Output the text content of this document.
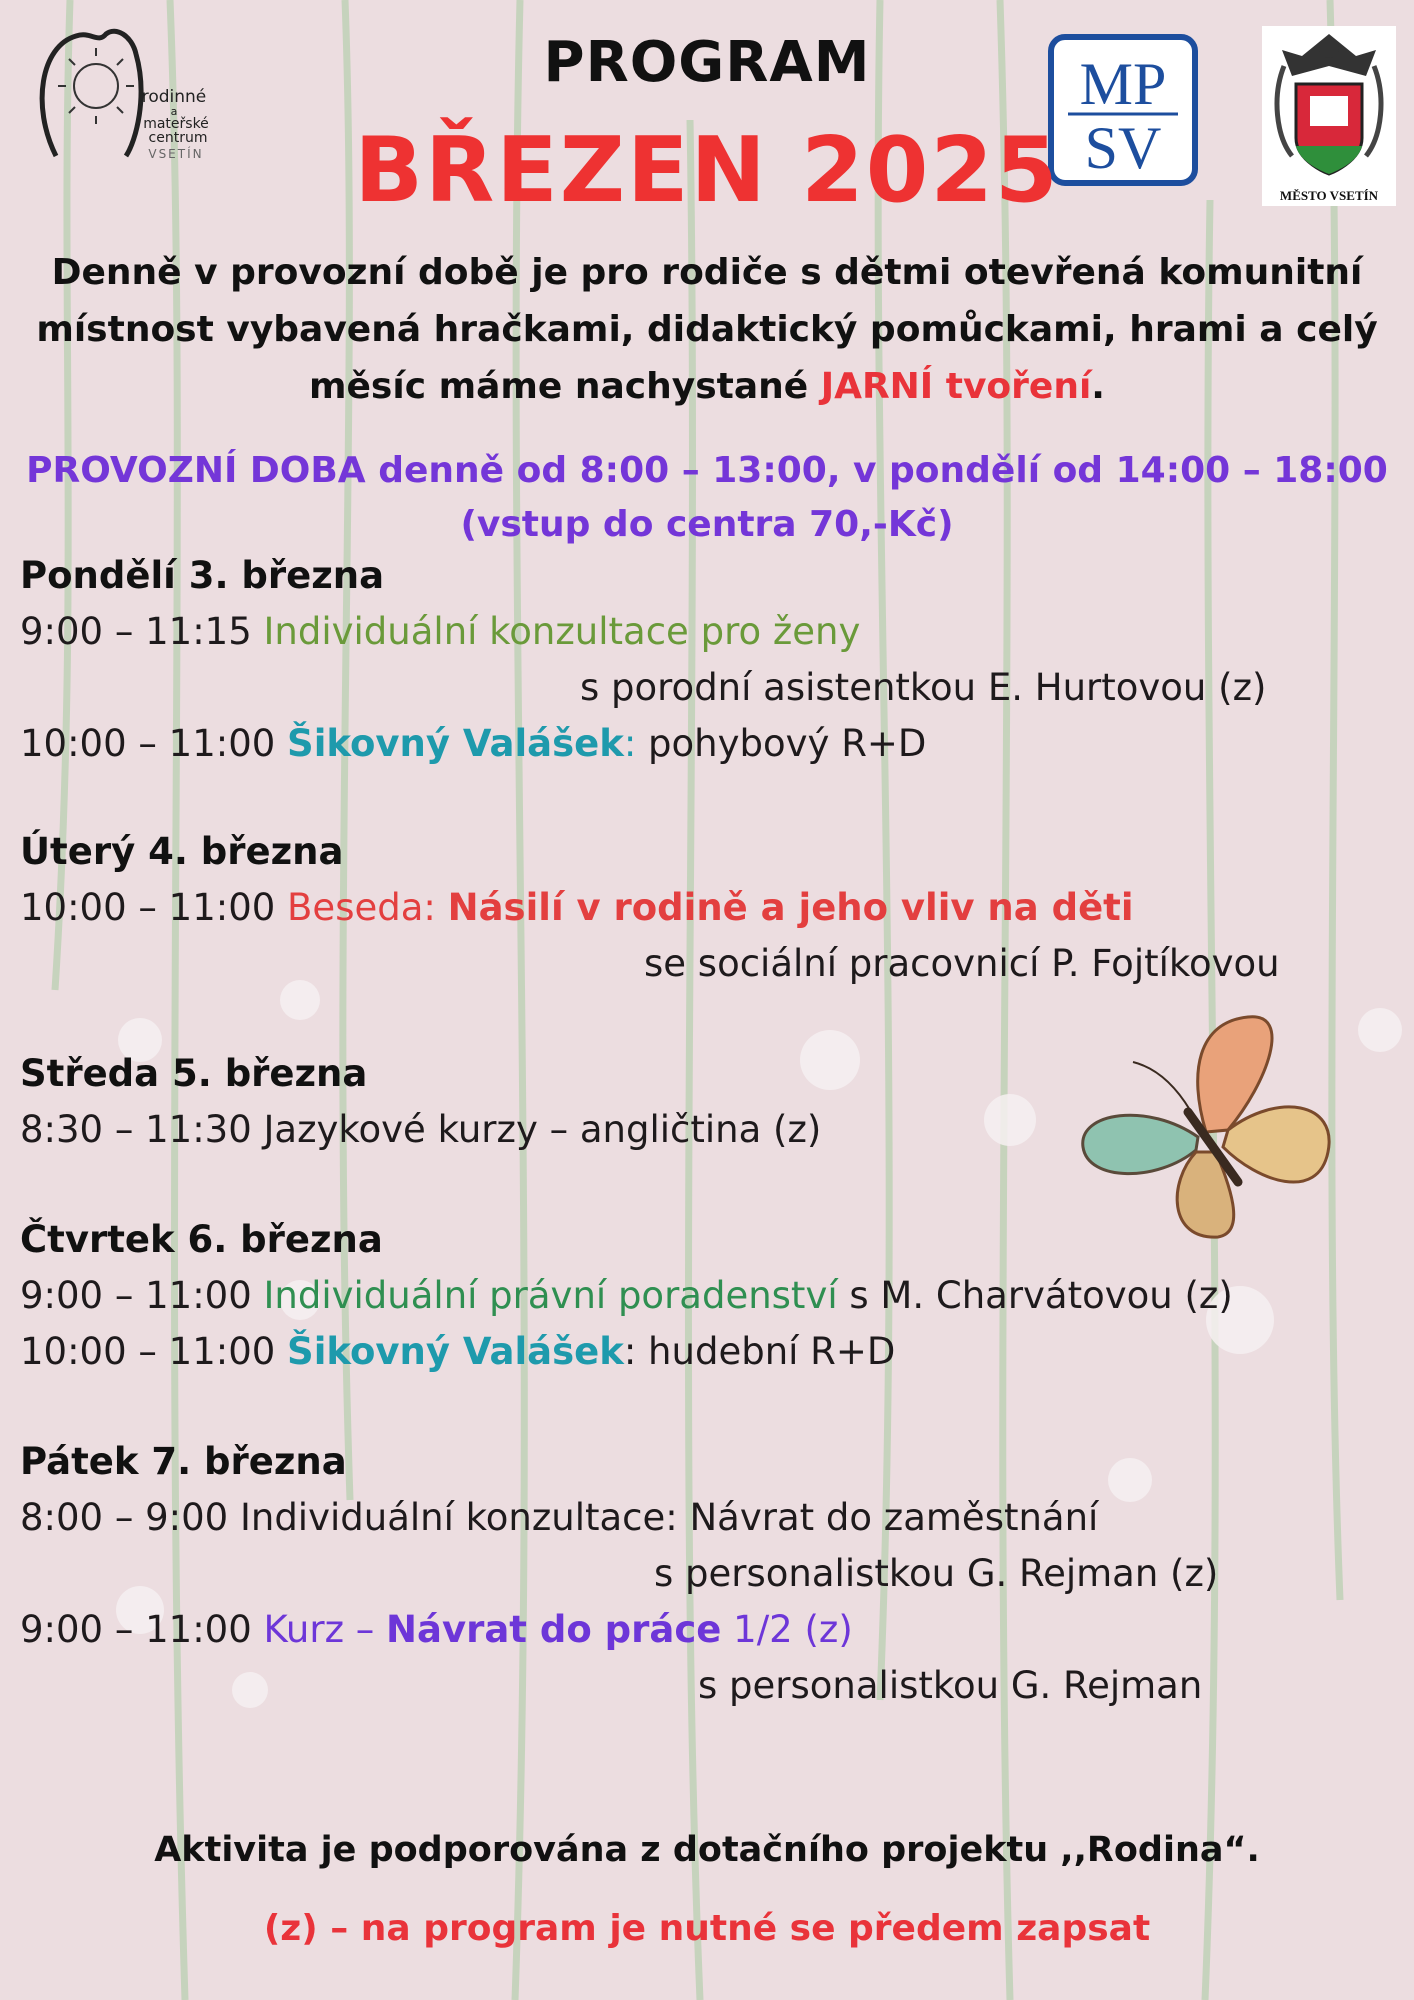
rodinné
a
mateřské
centrum
VSETÍN
MP
SV
MĚSTO VSETÍN
PROGRAM
BŘEZEN 2025
Denně v provozní době je pro rodiče s dětmi otevřená komunitní místnost vybavená hračkami, didaktický pomůckami, hrami a celý měsíc máme nachystané JARNÍ tvoření.
PROVOZNÍ DOBA denně od 8:00 – 13:00, v pondělí od 14:00 – 18:00
(vstup do centra 70,-Kč)
Pondělí 3. března
9:00 – 11:15 Individuální konzultace pro ženy
s porodní asistentkou E. Hurtovou (z)
10:00 – 11:00 Šikovný Valášek: pohybový R+D
Úterý 4. března
10:00 – 11:00 Beseda: Násilí v rodině a jeho vliv na děti
se sociální pracovnicí P. Fojtíkovou
Středa 5. března
8:30 – 11:30 Jazykové kurzy – angličtina (z)
Čtvrtek 6. března
9:00 – 11:00 Individuální právní poradenství s M. Charvátovou (z)
10:00 – 11:00 Šikovný Valášek: hudební R+D
Pátek 7. března
8:00 – 9:00 Individuální konzultace: Návrat do zaměstnání
s personalistkou G. Rejman (z)
9:00 – 11:00 Kurz – Návrat do práce 1/2 (z)
s personalistkou G. Rejman
Aktivita je podporována z dotačního projektu ,,Rodina“.
(z) – na program je nutné se předem zapsat
